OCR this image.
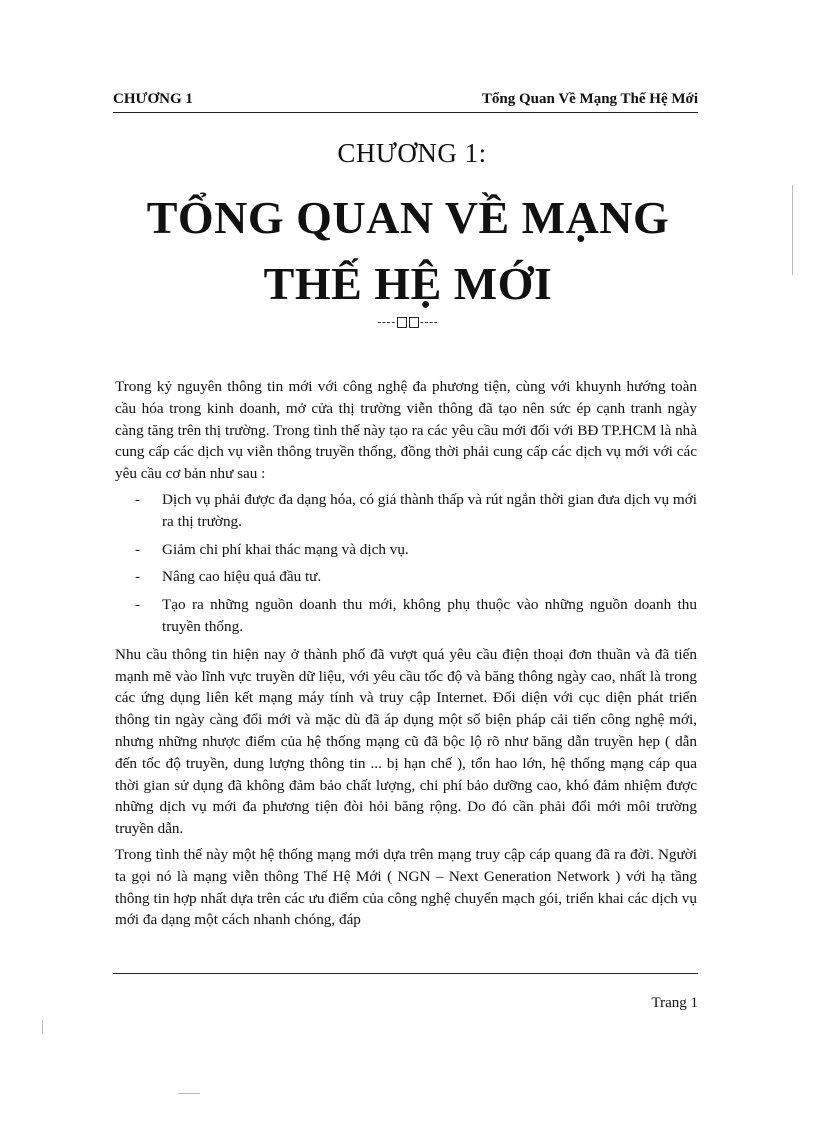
CHƯƠNG 1	Tổng Quan Về Mạng Thế Hệ Mới
CHƯƠNG 1:
TỔNG QUAN VỀ MẠNG
THẾ HỆ MỚI
---- ----

Trong kỷ nguyên thông tin mới với công nghệ đa phương tiện, cùng với khuynh hướng toàn cầu hóa trong kinh doanh, mở cửa thị trường viễn thông đã tạo nên sức ép cạnh tranh ngày càng tăng trên thị trường. Trong tình thế này tạo ra các yêu cầu mới đối với BĐ TP.HCM là nhà cung cấp các dịch vụ viễn thông truyền thống, đồng thời phải cung cấp các dịch vụ mới với các yêu cầu cơ bản như sau :

- Dịch vụ phải được đa dạng hóa, có giá thành thấp và rút ngắn thời gian đưa dịch vụ mới ra thị trường.
- Giảm chi phí khai thác mạng và dịch vụ.
- Nâng cao hiệu quả đầu tư.
- Tạo ra những nguồn doanh thu mới, không phụ thuộc vào những nguồn doanh thu truyền thống.

Nhu cầu thông tin hiện nay ở thành phố đã vượt quá yêu cầu điện thoại đơn thuần và đã tiến mạnh mẽ vào lĩnh vực truyền dữ liệu, với yêu cầu tốc độ và băng thông ngày cao, nhất là trong các ứng dụng liên kết mạng máy tính và truy cập Internet. Đối diện với cục diện phát triển thông tin ngày càng đổi mới và mặc dù đã áp dụng một số biện pháp cải tiến công nghệ mới, nhưng những nhược điểm của hệ thống mạng cũ đã bộc lộ rõ như băng dẫn truyền hẹp ( dẫn đến tốc độ truyền, dung lượng thông tin ... bị hạn chế ), tổn hao lớn, hệ thống mạng cáp qua thời gian sử dụng đã không đảm bảo chất lượng, chi phí bảo dưỡng cao, khó đảm nhiệm được những dịch vụ mới đa phương tiện đòi hỏi băng rộng. Do đó cần phải đổi mới môi trường truyền dẫn.

Trong tình thế này một hệ thống mạng mới dựa trên mạng truy cập cáp quang đã ra đời. Người ta gọi nó là mạng viễn thông Thế Hệ Mới ( NGN – Next Generation Network ) với hạ tầng thông tin hợp nhất dựa trên các ưu điểm của công nghệ chuyển mạch gói, triển khai các dịch vụ mới đa dạng một cách nhanh chóng, đáp

Trang 1
